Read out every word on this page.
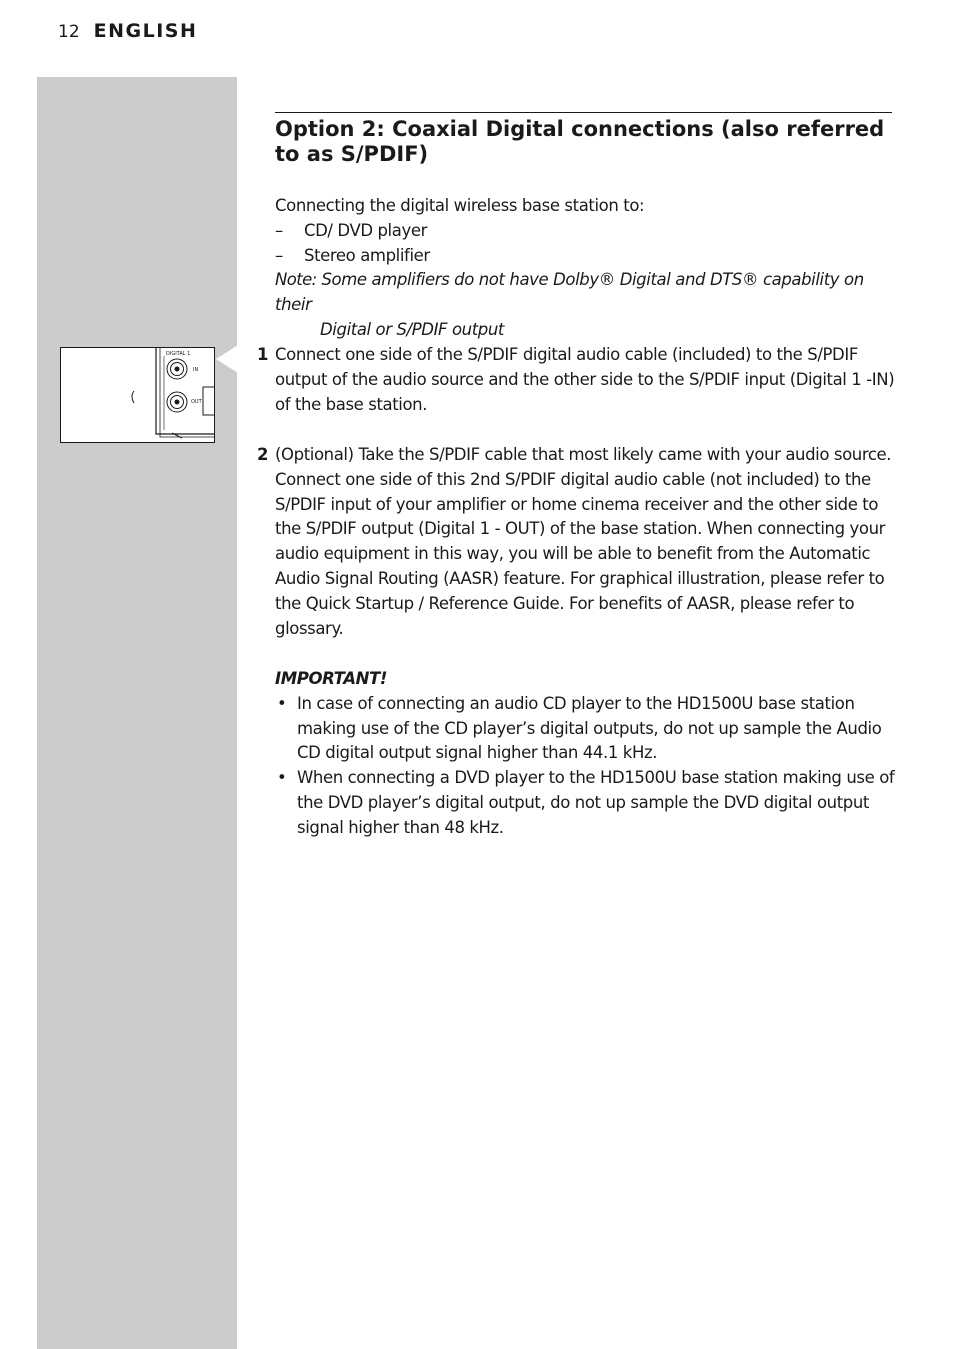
12 ENGLISH
DIGITAL 1
IN
OUT
Option 2: Coaxial Digital connections (also referred to as S/PDIF)
Connecting the digital wireless base station to:
–	CD/ DVD player
–	Stereo amplifier
Note: Some amplifiers do not have Dolby® Digital and DTS® capability on their
Digital or S/PDIF output
1 Connect one side of the S/PDIF digital audio cable (included) to the S/PDIF output of the audio source and the other side to the S/PDIF input (Digital 1 -IN) of the base station.
2 (Optional) Take the S/PDIF cable that most likely came with your audio source. Connect one side of this 2nd S/PDIF digital audio cable (not included) to the S/PDIF input of your amplifier or home cinema receiver and the other side to the S/PDIF output (Digital 1 - OUT) of the base station. When connecting your audio equipment in this way, you will be able to benefit from the Automatic Audio Signal Routing (AASR) feature. For graphical illustration, please refer to the Quick Startup / Reference Guide. For benefits of AASR, please refer to glossary.
IMPORTANT!
• In case of connecting an audio CD player to the HD1500U base station making use of the CD player’s digital outputs, do not up sample the Audio CD digital output signal higher than 44.1 kHz.
• When connecting a DVD player to the HD1500U base station making use of the DVD player’s digital output, do not up sample the DVD digital output signal higher than 48 kHz.
